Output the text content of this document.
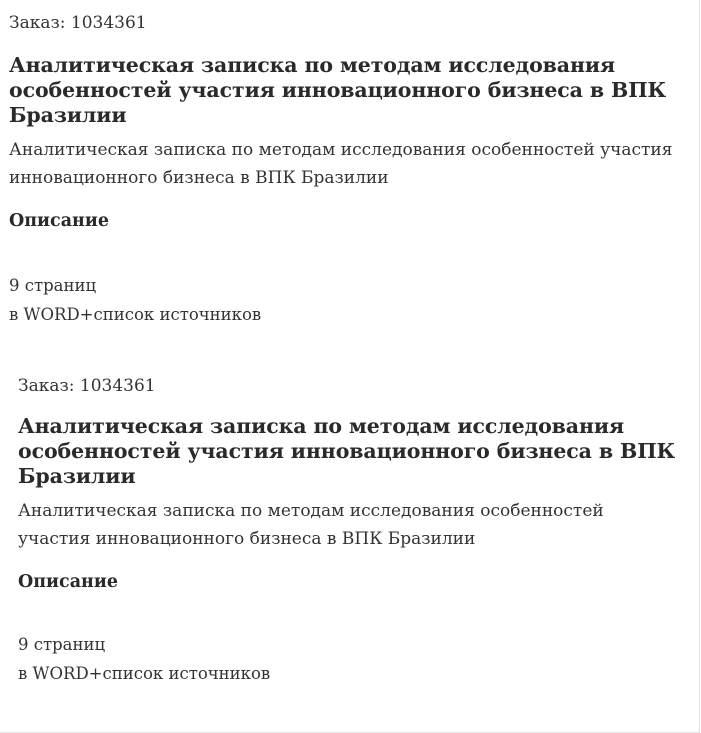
Заказ: 1034361

Аналитическая записка по методам исследования особенностей участия инновационного бизнеса в ВПК Бразилии

Аналитическая записка по методам исследования особенностей участия инновационного бизнеса в ВПК Бразилии

Описание

9 страниц

в WORD+список источников

Заказ: 1034361

Аналитическая записка по методам исследования особенностей участия инновационного бизнеса в ВПК Бразилии

Аналитическая записка по методам исследования особенностей участия инновационного бизнеса в ВПК Бразилии

Описание

9 страниц

в WORD+список источников
